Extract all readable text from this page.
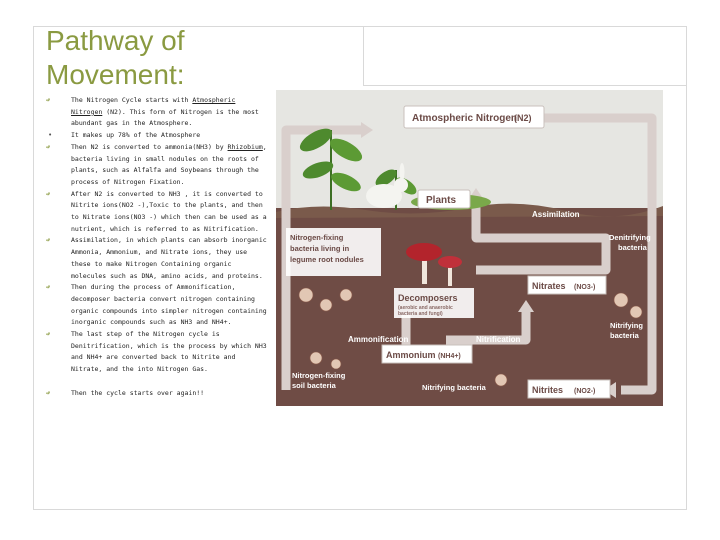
Pathway of Movement:
↫	The Nitrogen Cycle starts with Atmospheric Nitrogen (N2). This form of Nitrogen is the most abundant gas in the Atmosphere.
•	It makes up 78% of the Atmosphere
↫	Then N2 is converted to ammonia(NH3) by Rhizobium, bacteria living in small nodules on the roots of plants, such as Alfalfa and Soybeans through the process of Nitrogen Fixation.
↫	After N2 is converted to NH3 , it is converted to Nitrite ions(NO2 -),Toxic to the plants, and then to Nitrate ions(NO3 -) which then can be used as a nutrient, which is referred to as Nitrification.
↫	Assimilation, in which plants can absorb inorganic Ammonia, Ammonium, and Nitrate ions, they use these to make Nitrogen Containing organic molecules such as DNA, amino acids, and proteins.
↫	Then during the process of Ammonification, decomposer bacteria convert nitrogen containing organic compounds into simpler nitrogen containing inorganic compounds such as NH3 and NH4+.
↫	The last step of the Nitrogen cycle is Denitrification, which is the process by which NH3 and NH4+ are converted back to Nitrite and Nitrate, and the into Nitrogen Gas.
↫	Then the cycle starts over again!!
Atmospheric Nitrogen
(N2)
Plants
Assimilation
Denitrifying
bacteria
Nitrogen-fixing
bacteria living in
legume root nodules
Decomposers
(aerobic and anaerobic
bacteria and fungi)
Nitrates (NO3-)
Ammonification	Nitrification
Ammonium (NH4+)
Nitrifying
bacteria
Nitrites (NO2-)
Nitrogen-fixing
soil bacteria	Nitrifying bacteria
